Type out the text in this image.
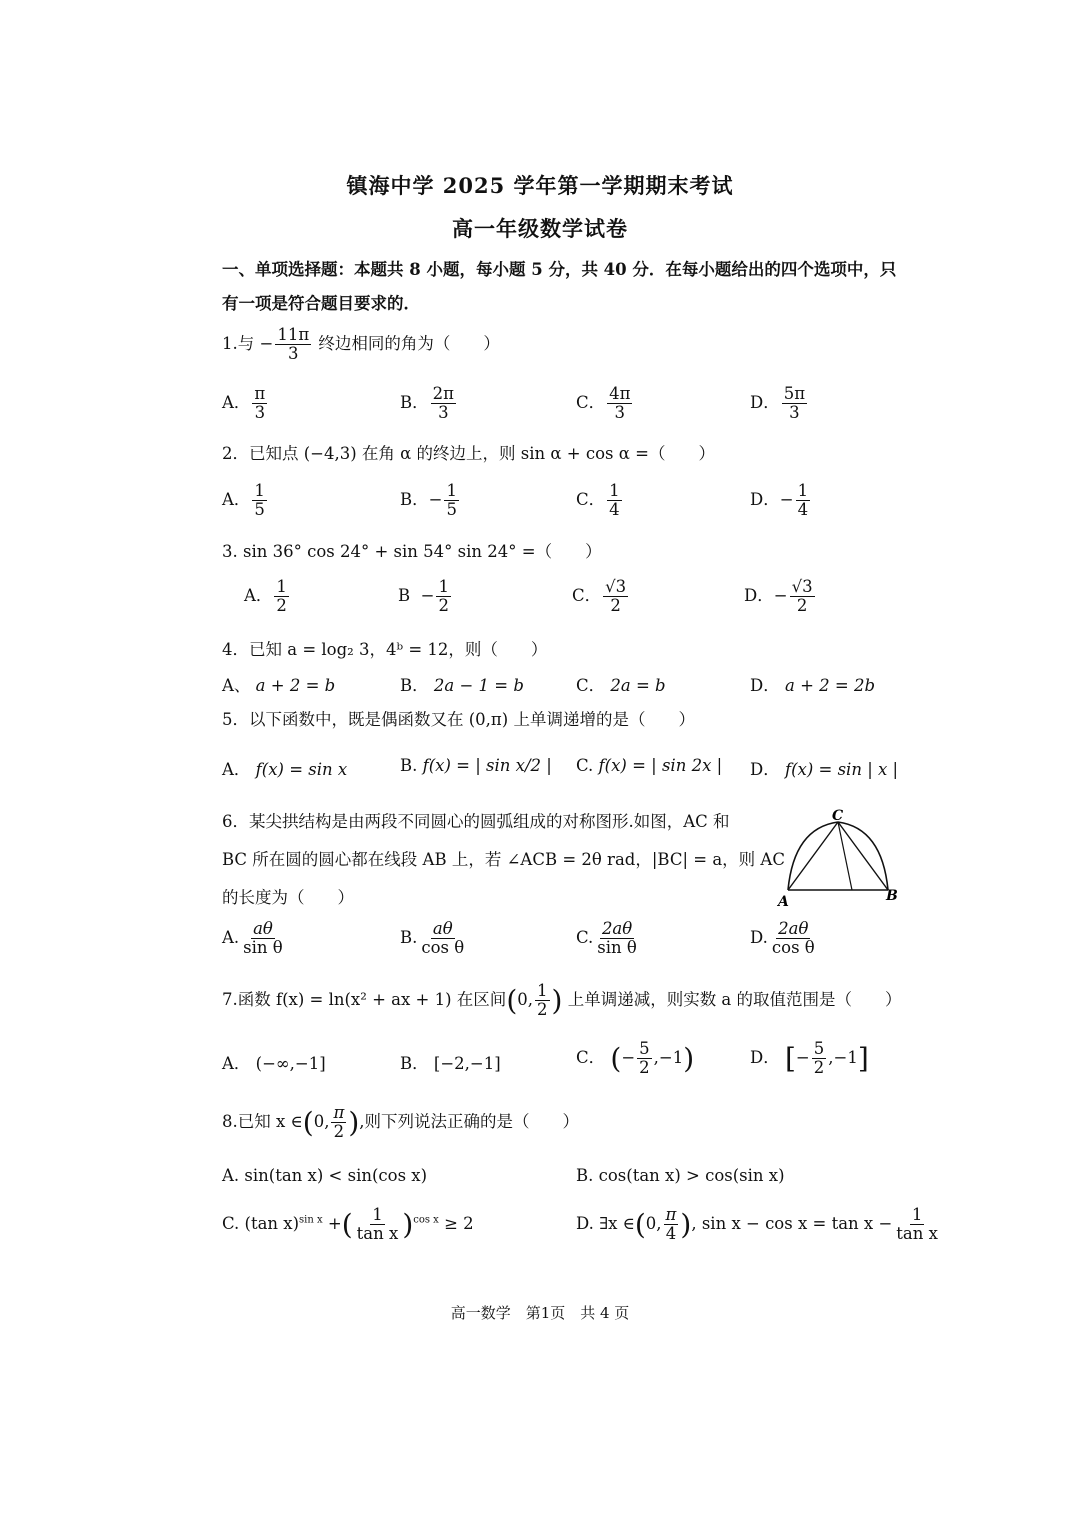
镇海中学 2025 学年第一学期期末考试
高一年级数学试卷
一、单项选择题：本题共 8 小题，每小题 5 分，共 40 分．在每小题给出的四个选项中，只
有一项是符合题目要求的．
1.与 − $\frac{11\pi}{3}$ 终边相同的角为（　　）
A． $\frac{\pi}{3}$	B． $\frac{2\pi}{3}$	C． $\frac{4\pi}{3}$	D． $\frac{5\pi}{3}$
2．已知点 (−4,3) 在角 α 的终边上，则 sin α + cos α =（　　）
A． $\frac{1}{5}$	B．− $\frac{1}{5}$	C． $\frac{1}{4}$	D．− $\frac{1}{4}$
3. sin 36° cos 24° + sin 54° sin 24° =（　　）
A． $\frac{1}{2}$	$B - \frac{1}{2}$	C． $\frac{√3}{2}$	D．− $\frac{√3}{2}$
4．已知 a = log₂ 3，4ᵇ = 12，则（　　）
A、 a + 2 = b	B． 2a − 1 = b	C． 2a = b	D． a + 2 = 2b
5．以下函数中，既是偶函数又在 (0,π) 上单调递增的是（　　）
A． f(x) = sin x	B. f(x) = | sin x/2 | C. f(x) = | sin 2x | D． f(x) = sin | x |
6．某尖拱结构是由两段不同圆心的圆弧组成的对称图形.如图，AC 和
BC 所在圆的圆心都在线段 AB 上，若 ∠ACB = 2θ rad，|BC| = a，则 AC
的长度为（　　）	A	B
C
A. $\frac{a\theta}{\text{sin θ}}$	B. $\frac{a\theta}{\text{cos θ}}$	C. $\frac{2a\theta}{\text{sin θ}}$	D. $\frac{2a\theta}{\text{cos θ}}$
7.函数 f(x) = ln(x² + ax + 1) 在区间(0, $\frac{1}{2}$ ) 上单调递减，则实数 a 的取值范围是（　　）
A． (−∞,−1]	B． [−2,−1]	C． (− $\frac{5}{2} ,-1$)	D． [− $\frac{5}{2} ,-1$]
8.已知 x ∈(0, $\frac{\pi}{2}$ ),则下列说法正确的是（　　）
A. sin(tan x) < sin(cos x)	B. cos(tan x) > cos(sin x)
C. (tan x)$^{sin x}$ +( $\frac{1}{\text{tan x}} )^{cos x} \ge 2$	D. ∃x ∈(0, $\frac{\pi}{4}$ ), $\sin x - \cos x = \tan x - \frac{1}{\text{tan x}}$
高一数学　第1页　共 4 页
